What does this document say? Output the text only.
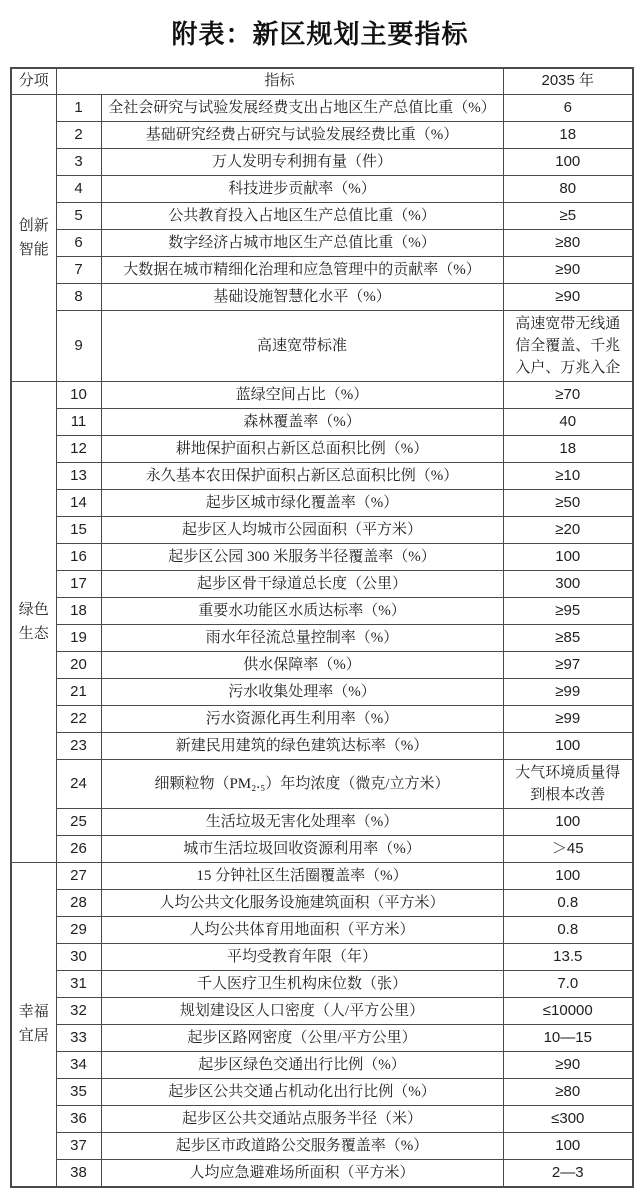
附表：新区规划主要指标
分项	指标		2035 年
创新智能	1	全社会研究与试验发展经费支出占地区生产总值比重（%）	6
	2	基础研究经费占研究与试验发展经费比重（%）	18
	3	万人发明专利拥有量（件）	100
	4	科技进步贡献率（%）	80
	5	公共教育投入占地区生产总值比重（%）	≥5
	6	数字经济占城市地区生产总值比重（%）	≥80
	7	大数据在城市精细化治理和应急管理中的贡献率（%）	≥90
	8	基础设施智慧化水平（%）	≥90
	9	高速宽带标准	高速宽带无线通信全覆盖、千兆入户、万兆入企
绿色生态	10	蓝绿空间占比（%）	≥70
	11	森林覆盖率（%）	40
	12	耕地保护面积占新区总面积比例（%）	18
	13	永久基本农田保护面积占新区总面积比例（%）	≥10
	14	起步区城市绿化覆盖率（%）	≥50
	15	起步区人均城市公园面积（平方米）	≥20
	16	起步区公园 300 米服务半径覆盖率（%）	100
	17	起步区骨干绿道总长度（公里）	300
	18	重要水功能区水质达标率（%）	≥95
	19	雨水年径流总量控制率（%）	≥85
	20	供水保障率（%）	≥97
	21	污水收集处理率（%）	≥99
	22	污水资源化再生利用率（%）	≥99
	23	新建民用建筑的绿色建筑达标率（%）	100
	24	细颗粒物（PM₂.₅）年均浓度（微克/立方米）	大气环境质量得到根本改善
	25	生活垃圾无害化处理率（%）	100
	26	城市生活垃圾回收资源利用率（%）	＞45
幸福宜居	27	15 分钟社区生活圈覆盖率（%）	100
	28	人均公共文化服务设施建筑面积（平方米）	0.8
	29	人均公共体育用地面积（平方米）	0.8
	30	平均受教育年限（年）	13.5
	31	千人医疗卫生机构床位数（张）	7.0
	32	规划建设区人口密度（人/平方公里）	≤10000
	33	起步区路网密度（公里/平方公里）	10—15
	34	起步区绿色交通出行比例（%）	≥90
	35	起步区公共交通占机动化出行比例（%）	≥80
	36	起步区公共交通站点服务半径（米）	≤300
	37	起步区市政道路公交服务覆盖率（%）	100
	38	人均应急避难场所面积（平方米）	2—3
